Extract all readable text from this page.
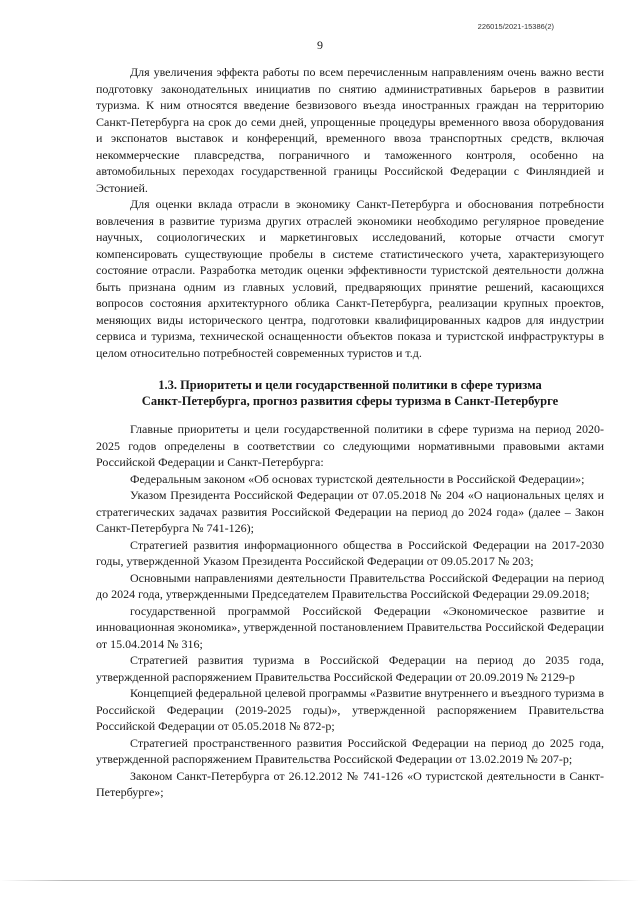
226015/2021-15386(2)
9

Для увеличения эффекта работы по всем перечисленным направлениям очень важно вести подготовку законодательных инициатив по снятию административных барьеров в развитии туризма. К ним относятся введение безвизового въезда иностранных граждан на территорию Санкт-Петербурга на срок до семи дней, упрощенные процедуры временного ввоза оборудования и экспонатов выставок и конференций, временного ввоза транспортных средств, включая некоммерческие плавсредства, пограничного и таможенного контроля, особенно на автомобильных переходах государственной границы Российской Федерации с Финляндией и Эстонией.

Для оценки вклада отрасли в экономику Санкт-Петербурга и обоснования потребности вовлечения в развитие туризма других отраслей экономики необходимо регулярное проведение научных, социологических и маркетинговых исследований, которые отчасти смогут компенсировать существующие пробелы в системе статистического учета, характеризующего состояние отрасли. Разработка методик оценки эффективности туристской деятельности должна быть признана одним из главных условий, предваряющих принятие решений, касающихся вопросов состояния архитектурного облика Санкт-Петербурга, реализации крупных проектов, меняющих виды исторического центра, подготовки квалифицированных кадров для индустрии сервиса и туризма, технической оснащенности объектов показа и туристской инфраструктуры в целом относительно потребностей современных туристов и т.д.

1.3. Приоритеты и цели государственной политики в сфере туризма
Санкт-Петербурга, прогноз развития сферы туризма в Санкт-Петербурге

Главные приоритеты и цели государственной политики в сфере туризма на период 2020-2025 годов определены в соответствии со следующими нормативными правовыми актами Российской Федерации и Санкт-Петербурга:

Федеральным законом «Об основах туристской деятельности в Российской Федерации»;

Указом Президента Российской Федерации от 07.05.2018 № 204 «О национальных целях и стратегических задачах развития Российской Федерации на период до 2024 года» (далее – Закон Санкт-Петербурга № 741-126);

Стратегией развития информационного общества в Российской Федерации на 2017-2030 годы, утвержденной Указом Президента Российской Федерации от 09.05.2017 № 203;

Основными направлениями деятельности Правительства Российской Федерации на период до 2024 года, утвержденными Председателем Правительства Российской Федерации 29.09.2018;

государственной программой Российской Федерации «Экономическое развитие и инновационная экономика», утвержденной постановлением Правительства Российской Федерации от 15.04.2014 № 316;

Стратегией развития туризма в Российской Федерации на период до 2035 года, утвержденной распоряжением Правительства Российской Федерации от 20.09.2019 № 2129-р

Концепцией федеральной целевой программы «Развитие внутреннего и въездного туризма в Российской Федерации (2019-2025 годы)», утвержденной распоряжением Правительства Российской Федерации от 05.05.2018 № 872-р;

Стратегией пространственного развития Российской Федерации на период до 2025 года, утвержденной распоряжением Правительства Российской Федерации от 13.02.2019 № 207-р;

Законом Санкт-Петербурга от 26.12.2012 № 741-126 «О туристской деятельности в Санкт-Петербурге»;
